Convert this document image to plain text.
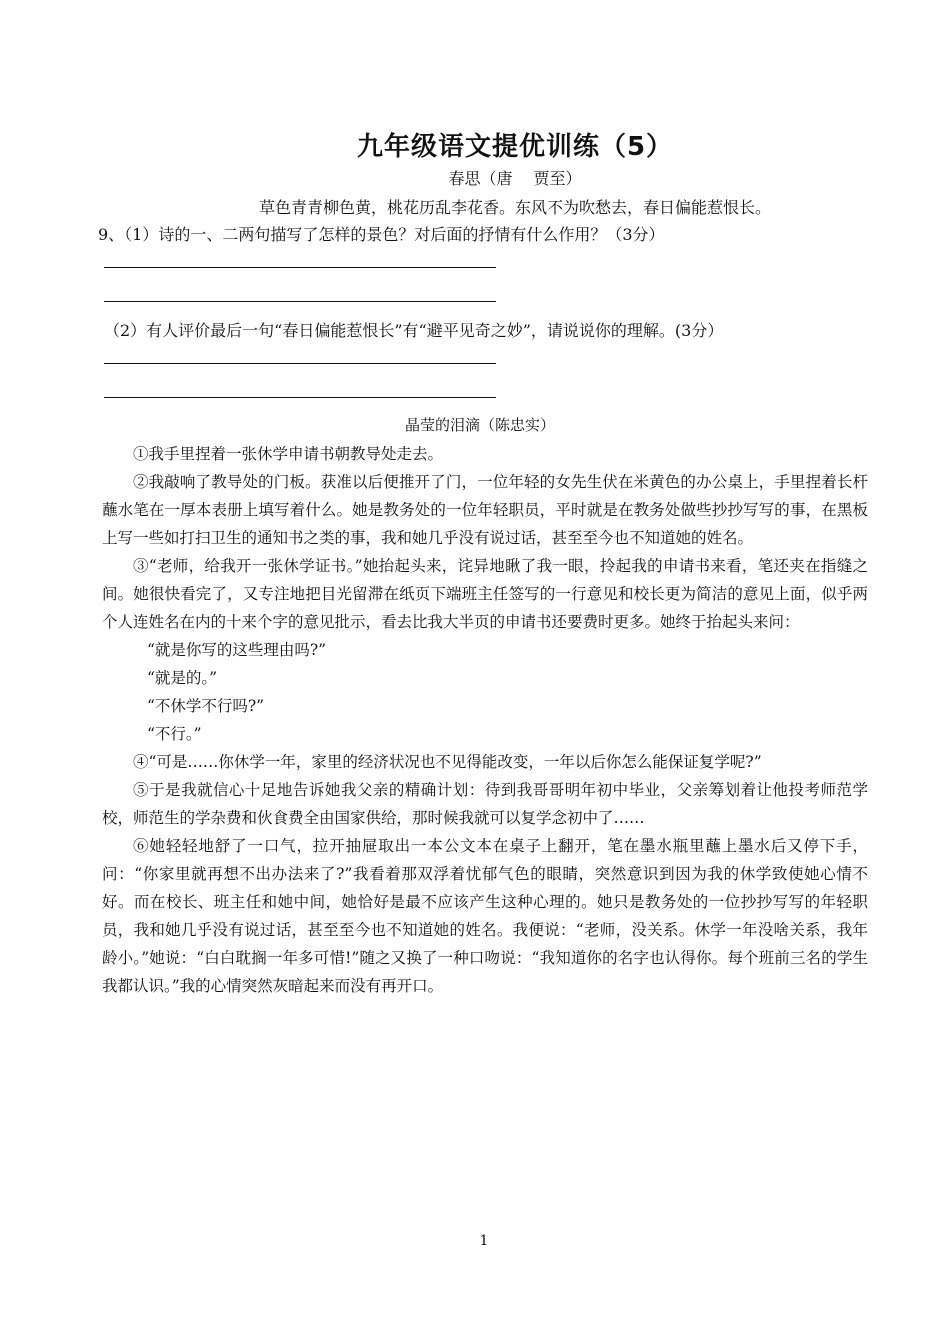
九年级语文提优训练（5）
春思（唐　 贾至）
草色青青柳色黄，桃花历乱李花香。东风不为吹愁去，春日偏能惹恨长。
9、（1）诗的一、二两句描写了怎样的景色？对后面的抒情有什么作用？（3分）
（2）有人评价最后一句“春日偏能惹恨长”有“避平见奇之妙”，请说说你的理解。(3分）
晶莹的泪滴（陈忠实）

①我手里捏着一张休学申请书朝教导处走去。

②我敲响了教导处的门板。获准以后便推开了门，一位年轻的女先生伏在米黄色的办公桌上，手里捏着长杆蘸水笔在一厚本表册上填写着什么。她是教务处的一位年轻职员，平时就是在教务处做些抄抄写写的事，在黑板上写一些如打扫卫生的通知书之类的事，我和她几乎没有说过话，甚至至今也不知道她的姓名。

③“老师，给我开一张休学证书。”她抬起头来，诧异地瞅了我一眼，拎起我的申请书来看，笔还夹在指缝之间。她很快看完了，又专注地把目光留滞在纸页下端班主任签写的一行意见和校长更为简洁的意见上面，似乎两个人连姓名在内的十来个字的意见批示，看去比我大半页的申请书还要费时更多。她终于抬起头来问：

“就是你写的这些理由吗?”

“就是的。”

“不休学不行吗?”

“不行。”

④“可是……你休学一年，家里的经济状况也不见得能改变，一年以后你怎么能保证复学呢?”

⑤于是我就信心十足地告诉她我父亲的精确计划：待到我哥哥明年初中毕业，父亲筹划着让他投考师范学校，师范生的学杂费和伙食费全由国家供给，那时候我就可以复学念初中了……

⑥她轻轻地舒了一口气，拉开抽屉取出一本公文本在桌子上翻开，笔在墨水瓶里蘸上墨水后又停下手，问：“你家里就再想不出办法来了?”我看着那双浮着忧郁气色的眼睛，突然意识到因为我的休学致使她心情不好。而在校长、班主任和她中间，她恰好是最不应该产生这种心理的。她只是教务处的一位抄抄写写的年轻职员，我和她几乎没有说过话，甚至至今也不知道她的姓名。我便说：“老师，没关系。休学一年没啥关系，我年龄小。”她说：“白白耽搁一年多可惜!”随之又换了一种口吻说：“我知道你的名字也认得你。每个班前三名的学生我都认识。”我的心情突然灰暗起来而没有再开口。

1
